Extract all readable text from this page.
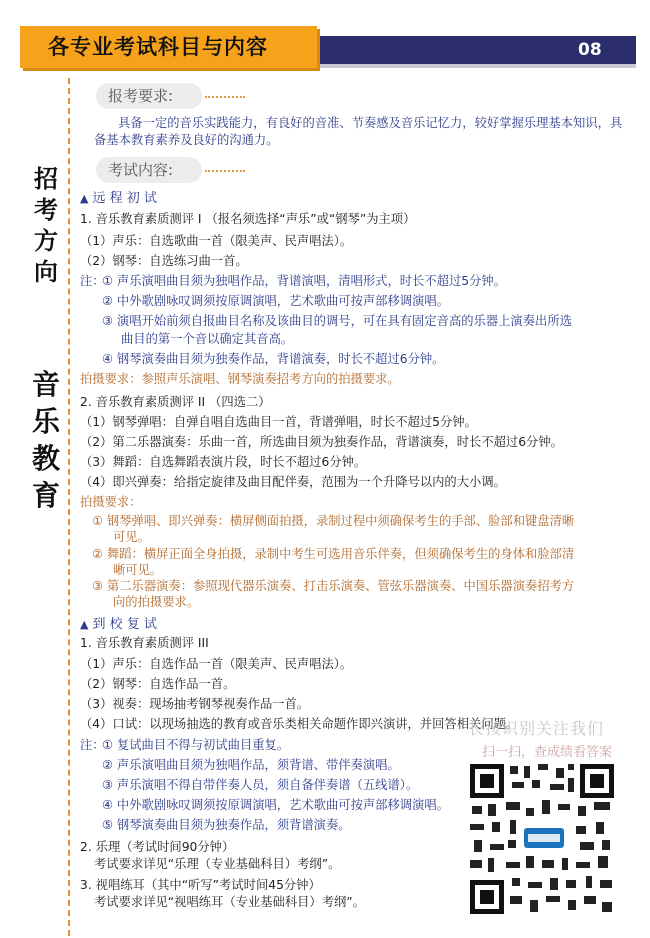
各专业考试科目与内容	08
招
考
方
向
音
乐
教
育
报考要求:
具备一定的音乐实践能力，有良好的音准、节奏感及音乐记忆力，较好掌握乐理基本知识，具备基本教育素养及良好的沟通力。
考试内容:
▲ 远 程 初 试
1. 音乐教育素质测评 I （报名须选择“声乐”或“钢琴”为主项）
（1）声乐：自选歌曲一首（限美声、民声唱法）。
（2）钢琴：自选练习曲一首。
注：
① 声乐演唱曲目须为独唱作品，背谱演唱，清唱形式，时长不超过5分钟。
② 中外歌剧咏叹调须按原调演唱，艺术歌曲可按声部移调演唱。
③ 演唱开始前须自报曲目名称及该曲目的调号，可在具有固定音高的乐器上演奏出所选
曲目的第一个音以确定其音高。
④ 钢琴演奏曲目须为独奏作品，背谱演奏，时长不超过6分钟。
拍摄要求：参照声乐演唱、钢琴演奏招考方向的拍摄要求。
2. 音乐教育素质测评 II （四选二）
（1）钢琴弹唱：自弹自唱自选曲目一首，背谱弹唱，时长不超过5分钟。
（2）第二乐器演奏：乐曲一首，所选曲目须为独奏作品，背谱演奏，时长不超过6分钟。
（3）舞蹈：自选舞蹈表演片段，时长不超过6分钟。
（4）即兴弹奏：给指定旋律及曲目配伴奏，范围为一个升降号以内的大小调。
拍摄要求：
① 钢琴弹唱、即兴弹奏：横屏侧面拍摄，录制过程中须确保考生的手部、脸部和键盘清晰
可见。
② 舞蹈：横屏正面全身拍摄，录制中考生可选用音乐伴奏，但须确保考生的身体和脸部清
晰可见。
③ 第二乐器演奏：参照现代器乐演奏、打击乐演奏、管弦乐器演奏、中国乐器演奏招考方
向的拍摄要求。
▲ 到 校 复 试
1. 音乐教育素质测评 III
（1）声乐：自选作品一首（限美声、民声唱法）。
（2）钢琴：自选作品一首。
（3）视奏：现场抽考钢琴视奏作品一首。
（4）口试：以现场抽选的教育或音乐类相关命题作即兴演讲，并回答相关问题。
注：
① 复试曲目不得与初试曲目重复。
② 声乐演唱曲目须为独唱作品，须背谱、带伴奏演唱。
③ 声乐演唱不得自带伴奏人员，须自备伴奏谱（五线谱）。
④ 中外歌剧咏叹调须按原调演唱，艺术歌曲可按声部移调演唱。
⑤ 钢琴演奏曲目须为独奏作品，须背谱演奏。
2. 乐理（考试时间90分钟）
考试要求详见“乐理（专业基础科目）考纲”。
3. 视唱练耳（其中“听写”考试时间45分钟）
考试要求详见“视唱练耳（专业基础科目）考纲”。
长按识别关注我们
扫一扫，查成绩看答案
